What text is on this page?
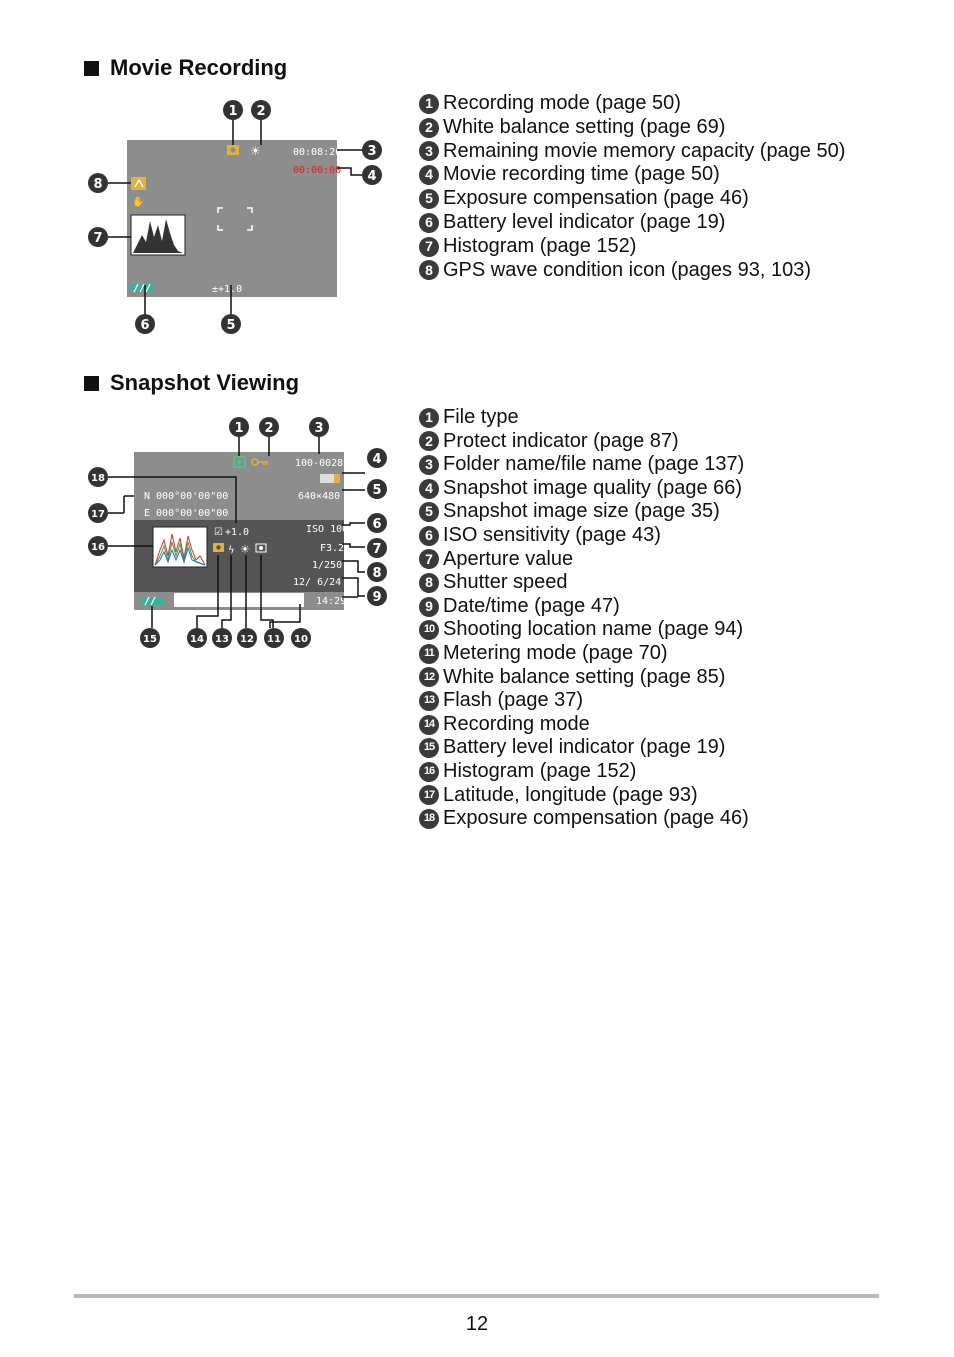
Movie Recording
✋
☀	00:08:20
00:00:00
±+1.0
1 2
3
4
5
6
7
8
1 Recording mode (page 50)
2 White balance setting (page 69)
3 Remaining movie memory capacity (page 50)
4 Movie recording time (page 50)
5 Exposure compensation (page 46)
6 Battery level indicator (page 19)
7 Histogram (page 152)
8 GPS wave condition icon (pages 93, 103)
Snapshot Viewing
100-0028
640×480
N 000°00'00"00
E 000°00'00"00
☑ +1.0
ϟ ☀
ISO 100
F3.2
1/250
12/ 6/24
14:29
1 2	3
4
5
6
7
8
9
10
11
12
13
14
15
16
17
18
1 File type
2 Protect indicator (page 87)
3 Folder name/file name (page 137)
4 Snapshot image quality (page 66)
5 Snapshot image size (page 35)
6 ISO sensitivity (page 43)
7 Aperture value
8 Shutter speed
9 Date/time (page 47)
10 Shooting location name (page 94)
11 Metering mode (page 70)
12 White balance setting (page 85)
13 Flash (page 37)
14 Recording mode
15 Battery level indicator (page 19)
16 Histogram (page 152)
17 Latitude, longitude (page 93)
18 Exposure compensation (page 46)
12
